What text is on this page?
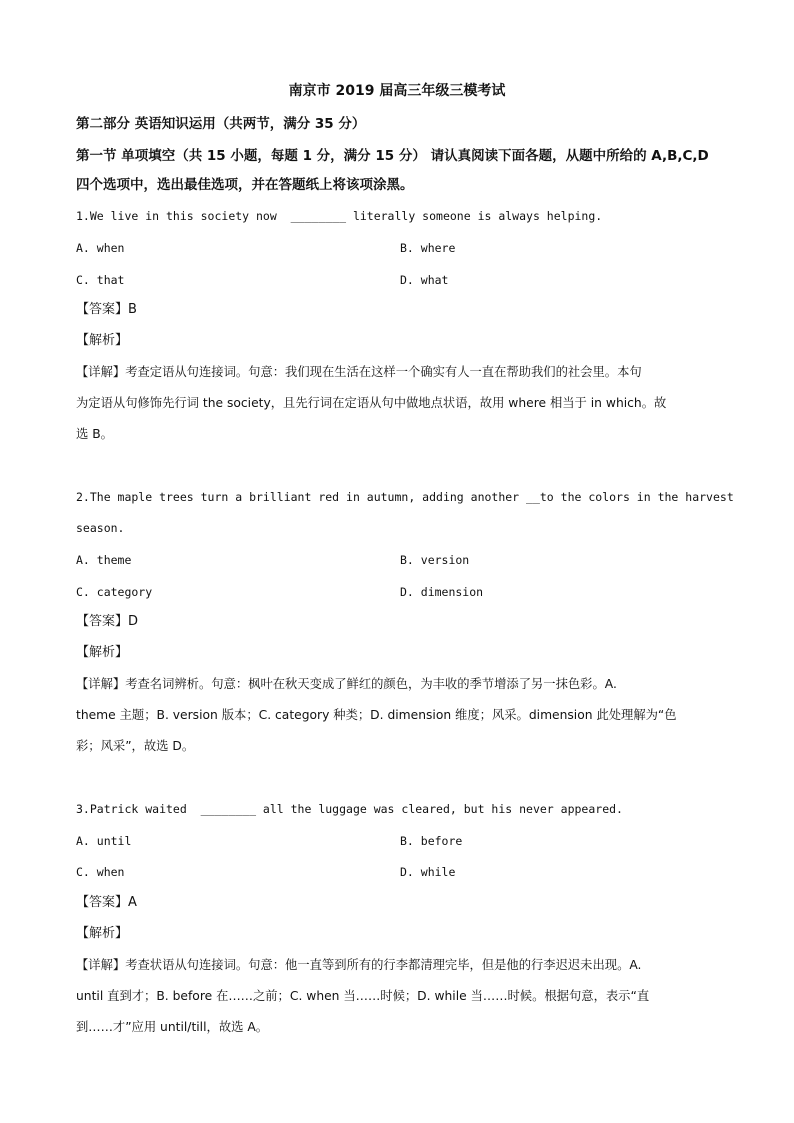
南京市 2019 届高三年级三模考试
第二部分 英语知识运用（共两节，满分 35 分）
第一节 单项填空（共 15 小题，每题 1 分，满分 15 分） 请认真阅读下面各题，从题中所给的 A,B,C,D
四个选项中，选出最佳选项，并在答题纸上将该项涂黑。
1.We live in this society now  ________ literally someone is always helping.
A. when	B. where
C. that	D. what
【答案】B
【解析】
【详解】考查定语从句连接词。句意：我们现在生活在这样一个确实有人一直在帮助我们的社会里。本句
为定语从句修饰先行词 the society，且先行词在定语从句中做地点状语，故用 where 相当于 in which。故
选 B。
2.The maple trees turn a brilliant red in autumn, adding another __to the colors in the harvest
season.
A. theme	B. version
C. category	D. dimension
【答案】D
【解析】
【详解】考查名词辨析。句意：枫叶在秋天变成了鲜红的颜色，为丰收的季节增添了另一抹色彩。A.
theme 主题；B. version 版本；C. category 种类；D. dimension 维度；风采。dimension 此处理解为“色
彩；风采”，故选 D。
3.Patrick waited  ________ all the luggage was cleared, but his never appeared.
A. until	B. before
C. when	D. while
【答案】A
【解析】
【详解】考查状语从句连接词。句意：他一直等到所有的行李都清理完毕，但是他的行李迟迟未出现。A.
until 直到才；B. before 在……之前；C. when 当……时候；D. while 当……时候。根据句意，表示“直
到……才”应用 until/till，故选 A。
